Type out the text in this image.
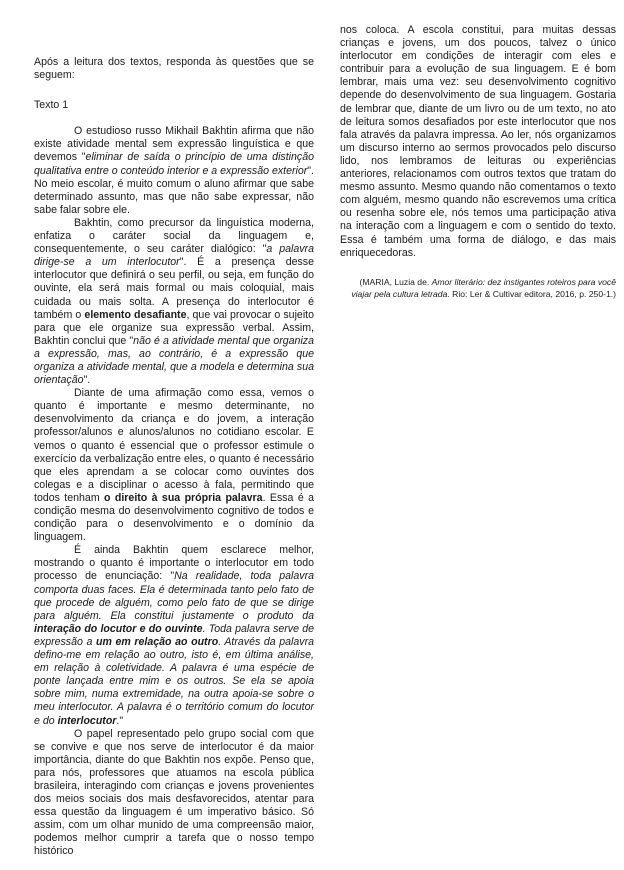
Após a leitura dos textos, responda às questões que se seguem:

Texto 1

O estudioso russo Mikhail Bakhtin afirma que não existe atividade mental sem expressão linguística e que devemos "eliminar de saída o princípio de uma distinção qualitativa entre o conteúdo interior e a expressão exterior". No meio escolar, é muito comum o aluno afirmar que sabe determinado assunto, mas que não sabe expressar, não sabe falar sobre ele.

Bakhtin, como precursor da linguística moderna, enfatiza o caráter social da linguagem e, consequentemente, o seu caráter dialógico: "a palavra dirige-se a um interlocutor". É a presença desse interlocutor que definirá o seu perfil, ou seja, em função do ouvinte, ela será mais formal ou mais coloquial, mais cuidada ou mais solta. A presença do interlocutor é também o elemento desafiante, que vai provocar o sujeito para que ele organize sua expressão verbal. Assim, Bakhtin conclui que "não é a atividade mental que organiza a expressão, mas, ao contrário, é a expressão que organiza a atividade mental, que a modela e determina sua orientação".

Diante de uma afirmação como essa, vemos o quanto é importante e mesmo determinante, no desenvolvimento da criança e do jovem, a interação professor/alunos e alunos/alunos no cotidiano escolar. E vemos o quanto é essencial que o professor estimule o exercício da verbalização entre eles, o quanto é necessário que eles aprendam a se colocar como ouvintes dos colegas e a disciplinar o acesso à fala, permitindo que todos tenham o direito à sua própria palavra. Essa é a condição mesma do desenvolvimento cognitivo de todos e condição para o desenvolvimento e o domínio da linguagem.

É ainda Bakhtin quem esclarece melhor, mostrando o quanto é importante o interlocutor em todo processo de enunciação: "Na realidade, toda palavra comporta duas faces. Ela é determinada tanto pelo fato de que procede de alguém, como pelo fato de que se dirige para alguém. Ela constitui justamente o produto da interação do locutor e do ouvinte. Toda palavra serve de expressão a um em relação ao outro. Através da palavra defino-me em relação ao outro, isto é, em última análise, em relação à coletividade. A palavra é uma espécie de ponte lançada entre mim e os outros. Se ela se apoia sobre mim, numa extremidade, na outra apoia-se sobre o meu interlocutor. A palavra é o território comum do locutor e do interlocutor."

O papel representado pelo grupo social com que se convive e que nos serve de interlocutor é da maior importância, diante do que Bakhtin nos expõe. Penso que, para nós, professores que atuamos na escola pública brasileira, interagindo com crianças e jovens provenientes dos meios sociais dos mais desfavorecidos, atentar para essa questão da linguagem é um imperativo básico. Só assim, com um olhar munido de uma compreensão maior, podemos melhor cumprir a tarefa que o nosso tempo histórico

nos coloca. A escola constitui, para muitas dessas crianças e jovens, um dos poucos, talvez o único interlocutor em condições de interagir com eles e contribuir para a evolução de sua linguagem. E é bom lembrar, mais uma vez: seu desenvolvimento cognitivo depende do desenvolvimento de sua linguagem. Gostaria de lembrar que, diante de um livro ou de um texto, no ato de leitura somos desafiados por este interlocutor que nos fala através da palavra impressa. Ao ler, nós organizamos um discurso interno ao sermos provocados pelo discurso lido, nos lembramos de leituras ou experiências anteriores, relacionamos com outros textos que tratam do mesmo assunto. Mesmo quando não comentamos o texto com alguém, mesmo quando não escrevemos uma crítica ou resenha sobre ele, nós temos uma participação ativa na interação com a linguagem e com o sentido do texto. Essa é também uma forma de diálogo, e das mais enriquecedoras.

(MARIA, Luzia de. Amor literário: dez instigantes roteiros para você viajar pela cultura letrada. Rio: Ler & Cultivar editora, 2016, p. 250-1.)
